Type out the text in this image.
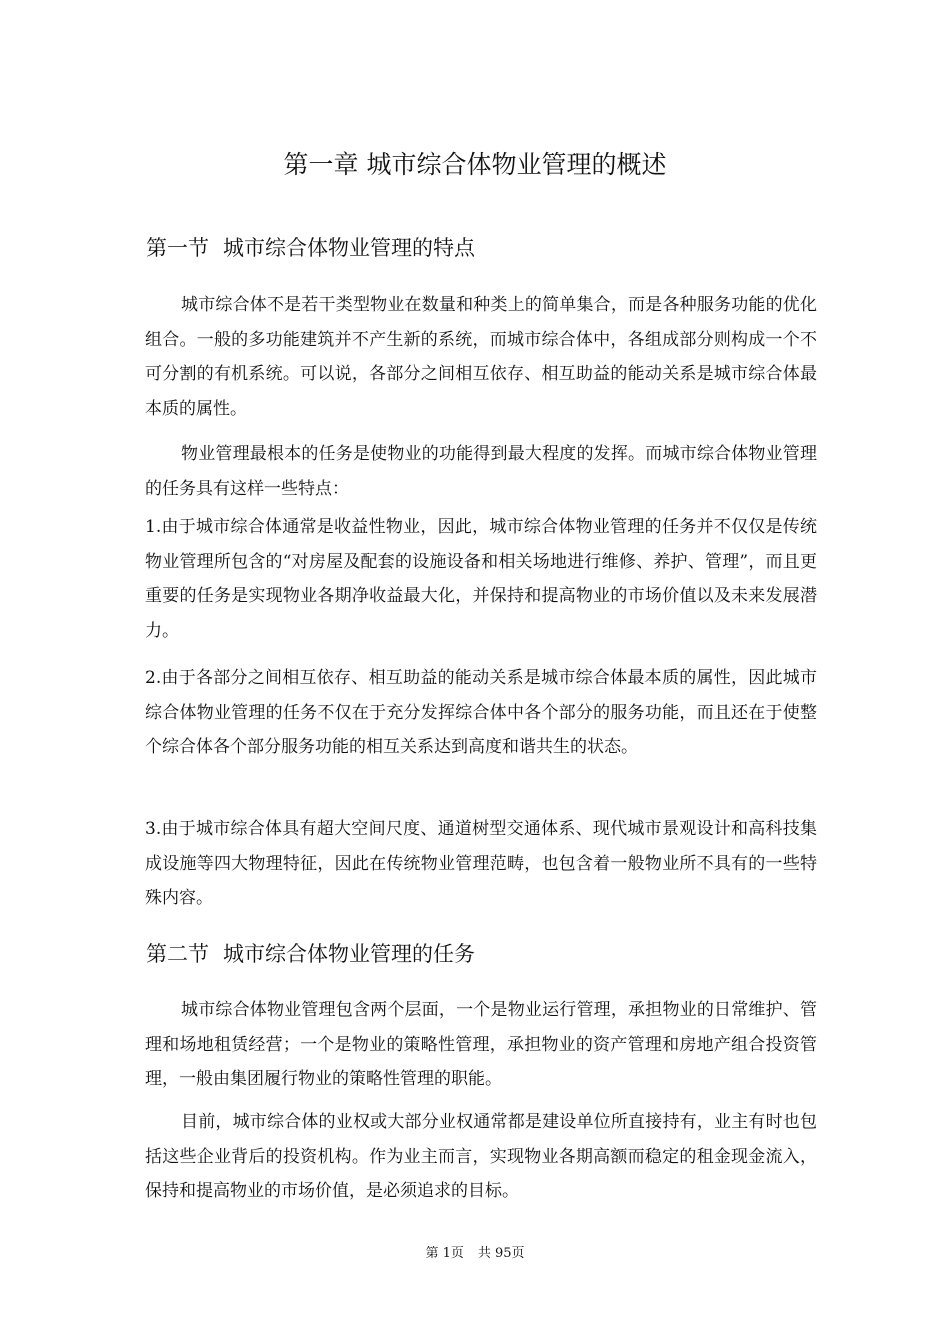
第一章 城市综合体物业管理的概述
第一节 城市综合体物业管理的特点

城市综合体不是若干类型物业在数量和种类上的简单集合，而是各种服务功能的优化组合。一般的多功能建筑并不产生新的系统，而城市综合体中，各组成部分则构成一个不可分割的有机系统。可以说，各部分之间相互依存、相互助益的能动关系是城市综合体最本质的属性。

物业管理最根本的任务是使物业的功能得到最大程度的发挥。而城市综合体物业管理的任务具有这样一些特点：

1.由于城市综合体通常是收益性物业，因此，城市综合体物业管理的任务并不仅仅是传统物业管理所包含的“对房屋及配套的设施设备和相关场地进行维修、养护、管理”，而且更重要的任务是实现物业各期净收益最大化，并保持和提高物业的市场价值以及未来发展潜力。

2.由于各部分之间相互依存、相互助益的能动关系是城市综合体最本质的属性，因此城市综合体物业管理的任务不仅在于充分发挥综合体中各个部分的服务功能，而且还在于使整个综合体各个部分服务功能的相互关系达到高度和谐共生的状态。

3.由于城市综合体具有超大空间尺度、通道树型交通体系、现代城市景观设计和高科技集成设施等四大物理特征，因此在传统物业管理范畴，也包含着一般物业所不具有的一些特殊内容。

第二节 城市综合体物业管理的任务

城市综合体物业管理包含两个层面，一个是物业运行管理，承担物业的日常维护、管理和场地租赁经营；一个是物业的策略性管理，承担物业的资产管理和房地产组合投资管理，一般由集团履行物业的策略性管理的职能。

目前，城市综合体的业权或大部分业权通常都是建设单位所直接持有，业主有时也包括这些企业背后的投资机构。作为业主而言，实现物业各期高额而稳定的租金现金流入，保持和提高物业的市场价值，是必须追求的目标。

第 1页 共 95页
